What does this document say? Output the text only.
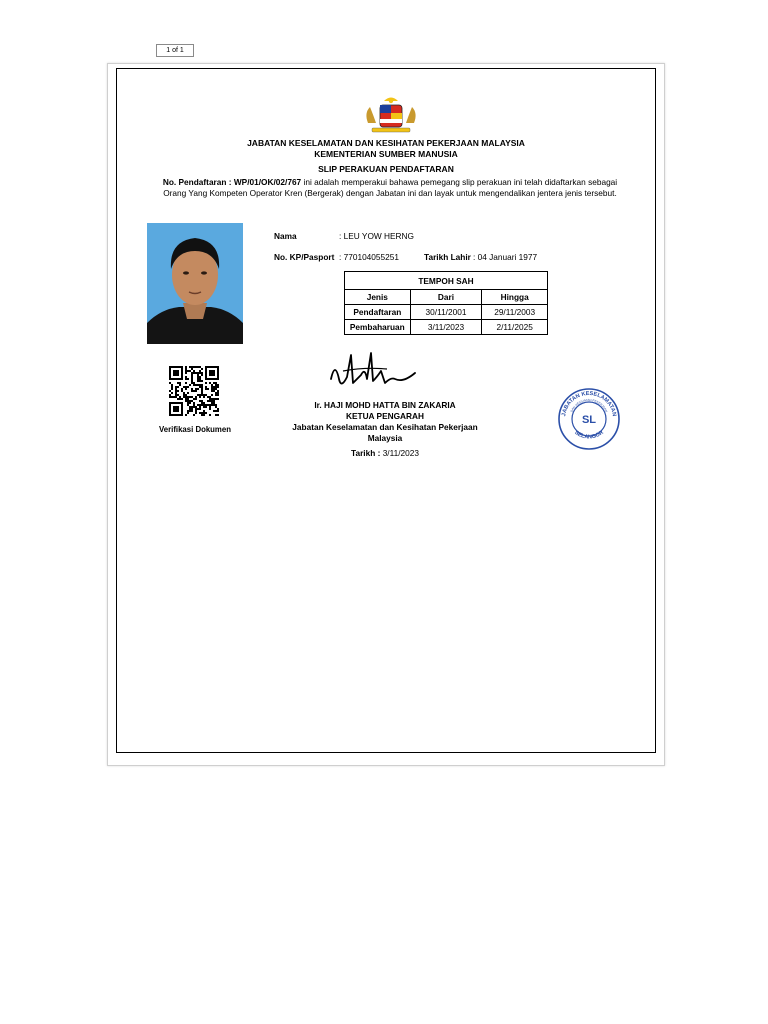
1 of 1
JABATAN KESELAMATAN DAN KESIHATAN PEKERJAAN MALAYSIA
KEMENTERIAN SUMBER MANUSIA
SLIP PERAKUAN PENDAFTARAN
No. Pendaftaran : WP/01/OK/02/767 ini adalah memperakui bahawa pemegang slip perakuan ini telah didaftarkan sebagai Orang Yang Kompeten Operator Kren (Bergerak) dengan Jabatan ini dan layak untuk mengendalikan jentera jenis tersebut.
Nama	: LEU YOW HERNG
No. KP/Pasport : 770104055251	Tarikh Lahir : 04 Januari 1977
TEMPOH SAH		
Jenis	Dari	Hingga
Pendaftaran	30/11/2001	29/11/2003
Pembaharuan	3/11/2023	2/11/2025
Verifikasi Dokumen
Ir. HAJI MOHD HATTA BIN ZAKARIA
KETUA PENGARAH
Jabatan Keselamatan dan Kesihatan Pekerjaan
Malaysia
Tarikh : 3/11/2023
JABATAN KESELAMATAN
DAN KESIHATAN PEKERJAAN
SELANGOR
SL
